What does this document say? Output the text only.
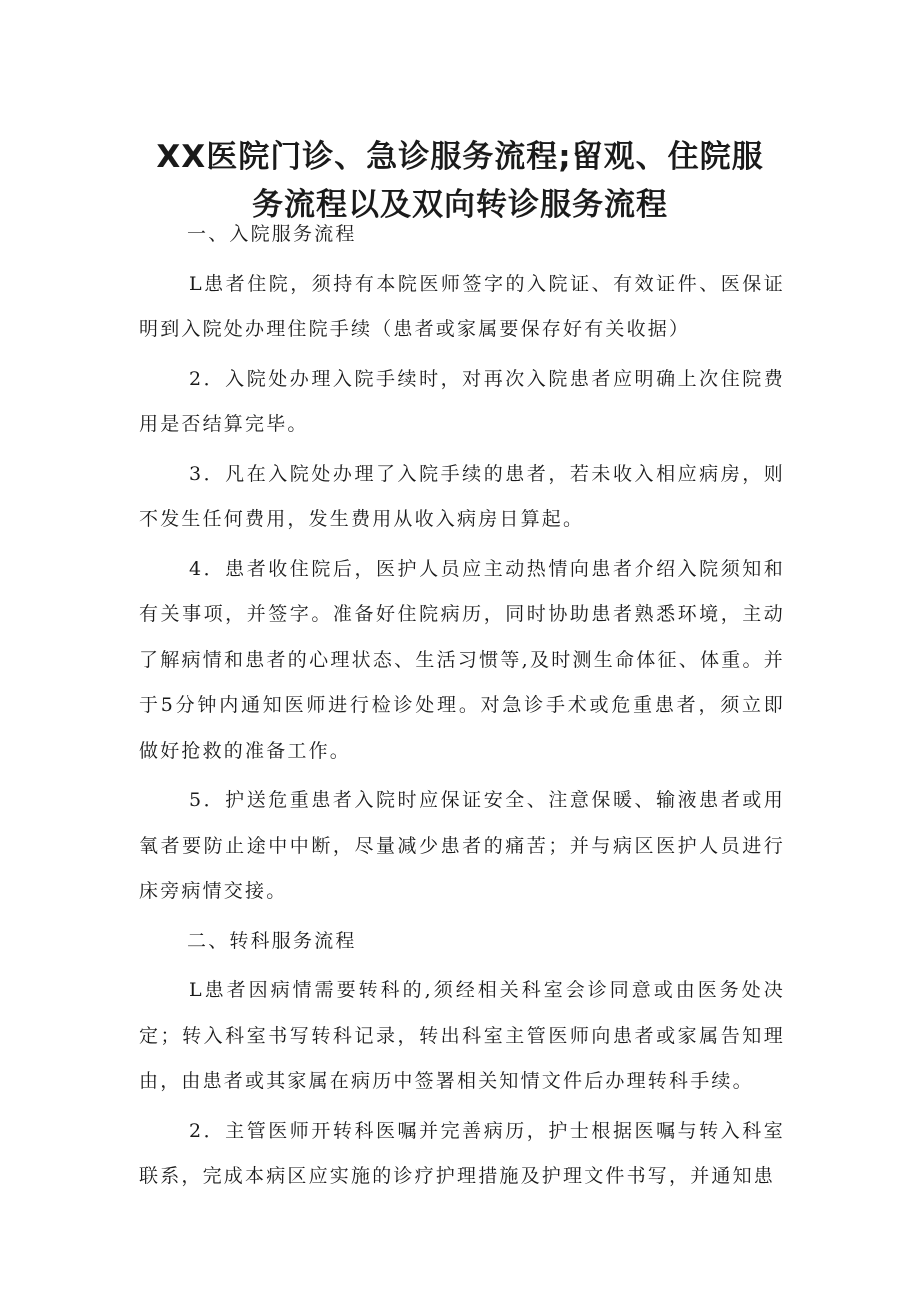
XX医院门诊、急诊服务流程;留观、住院服
务流程以及双向转诊服务流程

一、入院服务流程

L患者住院，须持有本院医师签字的入院证、有效证件、医保证明到入院处办理住院手续（患者或家属要保存好有关收据）

2．入院处办理入院手续时，对再次入院患者应明确上次住院费用是否结算完毕。

3．凡在入院处办理了入院手续的患者，若未收入相应病房，则不发生任何费用，发生费用从收入病房日算起。

4．患者收住院后，医护人员应主动热情向患者介绍入院须知和有关事项，并签字。准备好住院病历，同时协助患者熟悉环境，主动了解病情和患者的心理状态、生活习惯等,及时测生命体征、体重。并于5分钟内通知医师进行检诊处理。对急诊手术或危重患者，须立即做好抢救的准备工作。

5．护送危重患者入院时应保证安全、注意保暖、输液患者或用氧者要防止途中中断，尽量减少患者的痛苦；并与病区医护人员进行床旁病情交接。

二、转科服务流程

L患者因病情需要转科的,须经相关科室会诊同意或由医务处决定；转入科室书写转科记录，转出科室主管医师向患者或家属告知理由，由患者或其家属在病历中签署相关知情文件后办理转科手续。

2．主管医师开转科医嘱并完善病历，护士根据医嘱与转入科室联系，完成本病区应实施的诊疗护理措施及护理文件书写，并通知患
